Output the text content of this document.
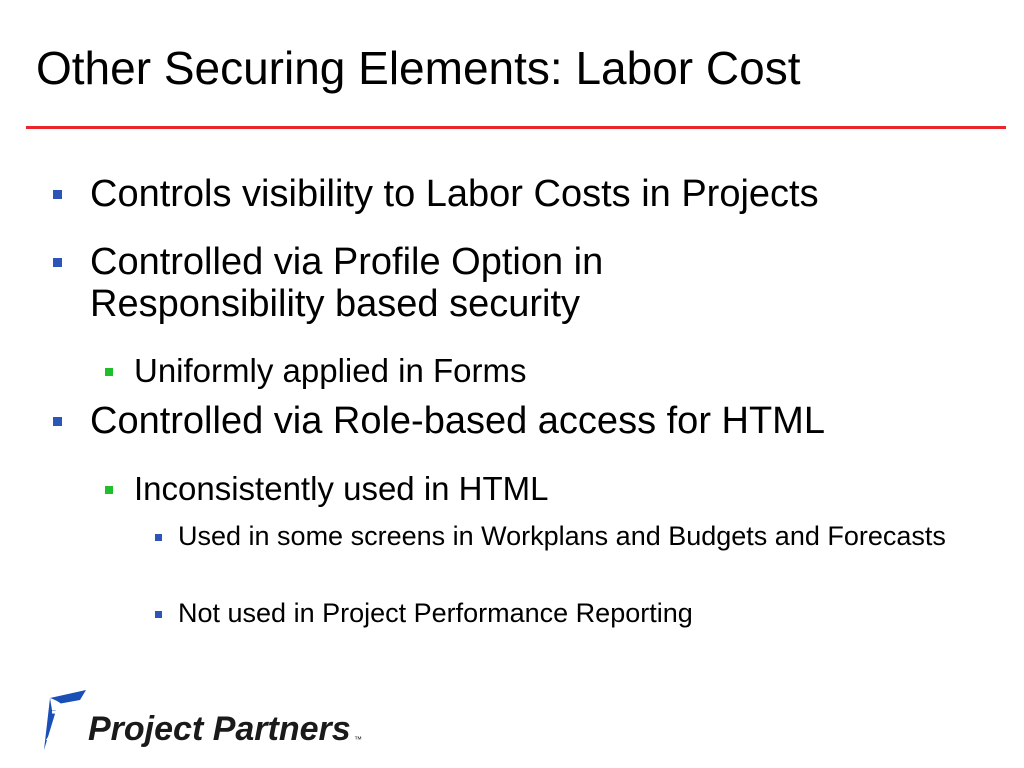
Other Securing Elements: Labor Cost
Controls visibility to Labor Costs in Projects
Controlled via Profile Option in Responsibility based security
Uniformly applied in Forms
Controlled via Role-based access for HTML
Inconsistently used in HTML
Used in some screens in Workplans and Budgets and Forecasts
Not used in Project Performance Reporting
Project Partners ™
